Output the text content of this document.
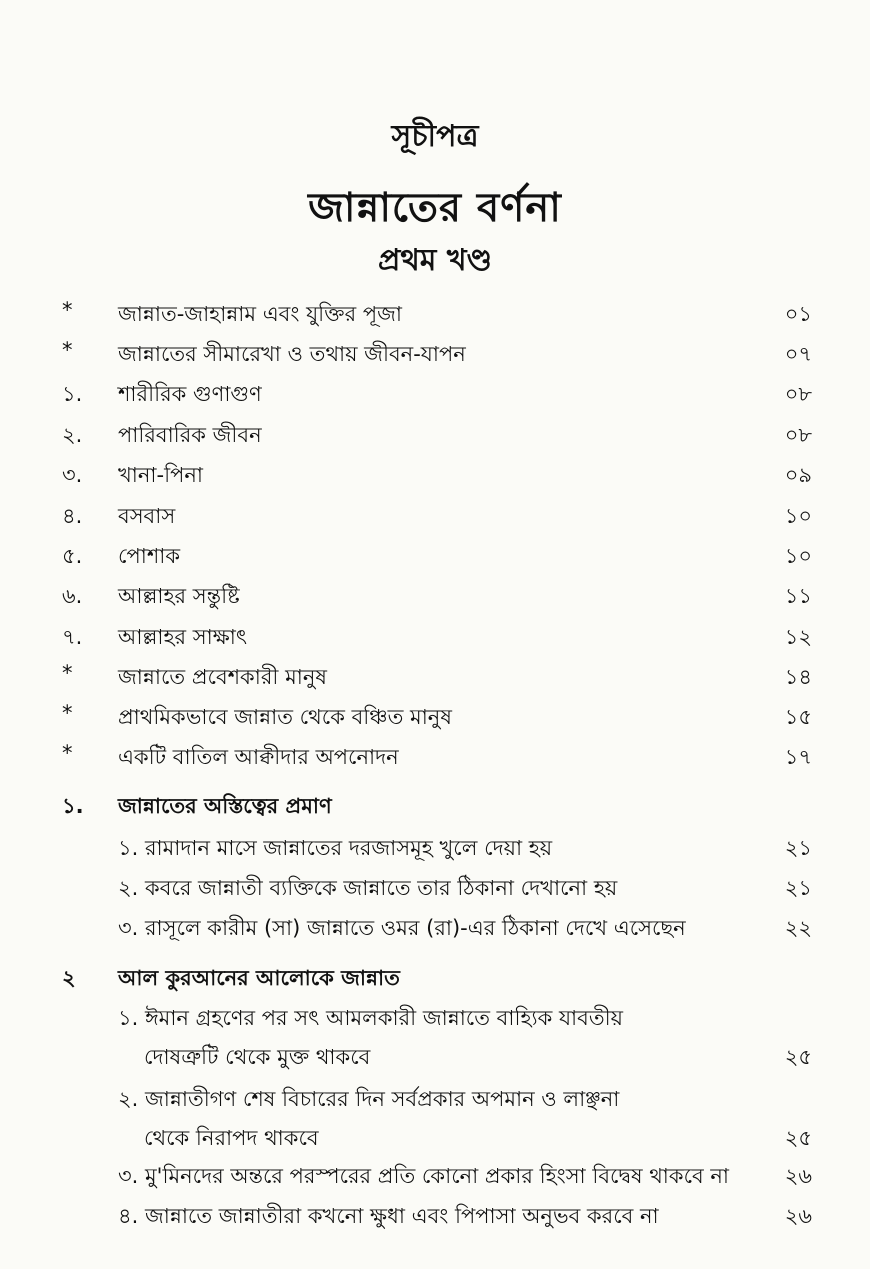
সূচীপত্র
জান্নাতের বর্ণনা
প্রথম খণ্ড
* জান্নাত-জাহান্নাম এবং যুক্তির পূজা	০১
* জান্নাতের সীমারেখা ও তথায় জীবন-যাপন	০৭
১. শারীরিক গুণাগুণ	০৮
২. পারিবারিক জীবন	০৮
৩. খানা-পিনা	০৯
৪. বসবাস	১০
৫. পোশাক	১০
৬. আল্লাহর সন্তুষ্টি	১১
৭. আল্লাহর সাক্ষাৎ	১২
* জান্নাতে প্রবেশকারী মানুষ	১৪
* প্রাথমিকভাবে জান্নাত থেকে বঞ্চিত মানুষ	১৫
* একটি বাতিল আক্বীদার অপনোদন	১৭
১. জান্নাতের অস্তিত্বের প্রমাণ
১. রামাদান মাসে জান্নাতের দরজাসমূহ খুলে দেয়া হয়	২১
২. কবরে জান্নাতী ব্যক্তিকে জান্নাতে তার ঠিকানা দেখানো হয়	২১
৩. রাসূলে কারীম (সা) জান্নাতে ওমর (রা)-এর ঠিকানা দেখে এসেছেন	২২
২ আল কুরআনের আলোকে জান্নাত
১. ঈমান গ্রহণের পর সৎ আমলকারী জান্নাতে বাহ্যিক যাবতীয়
দোষত্রুটি থেকে মুক্ত থাকবে	২৫
২. জান্নাতীগণ শেষ বিচারের দিন সর্বপ্রকার অপমান ও লাঞ্ছনা
থেকে নিরাপদ থাকবে	২৫
৩. মু'মিনদের অন্তরে পরস্পরের প্রতি কোনো প্রকার হিংসা বিদ্বেষ থাকবে না	২৬
৪. জান্নাতে জান্নাতীরা কখনো ক্ষুধা এবং পিপাসা অনুভব করবে না	২৬
